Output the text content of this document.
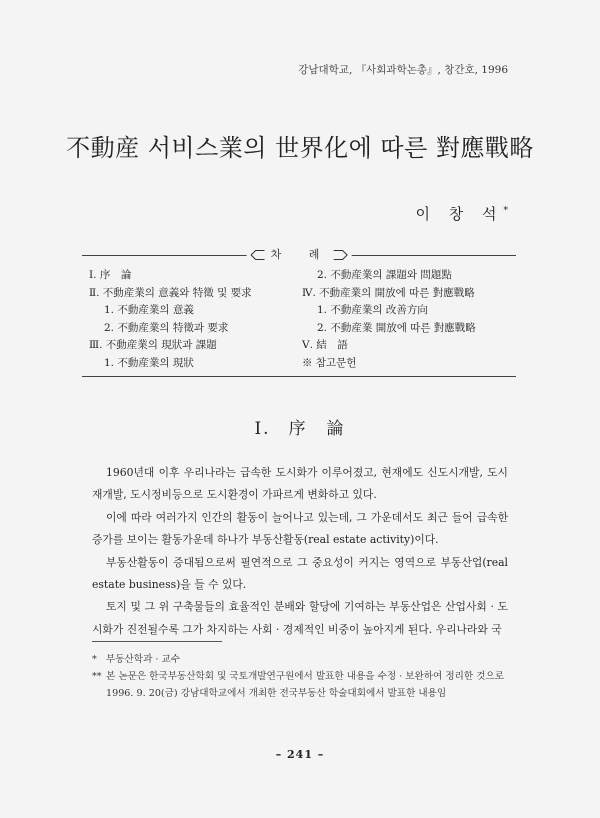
강남대학교, 『사회과학논총』, 창간호, 1996
不動産 서비스業의 世界化에 따른 對應戰略
이 창 석*
차 례
Ⅰ. 序　論
Ⅱ. 不動産業의 意義와 特徵 및 要求
1. 不動産業의 意義
2. 不動産業의 特徵과 要求
Ⅲ. 不動産業의 現狀과 課題
1. 不動産業의 現狀
2. 不動産業의 課題와 問題點
Ⅳ. 不動産業의 開放에 따른 對應戰略
1. 不動産業의 改善方向
2. 不動産業 開放에 따른 對應戰略
Ⅴ. 結　語
※ 참고문헌
Ⅰ. 序　論

1960년대 이후 우리나라는 급속한 도시화가 이루어졌고, 현재에도 신도시개발, 도시재개발, 도시정비등으로 도시환경이 가파르게 변화하고 있다.

이에 따라 여러가지 인간의 활동이 늘어나고 있는데, 그 가운데서도 최근 들어 급속한 증가를 보이는 활동가운데 하나가 부동산활동(real estate activity)이다.

부동산활동이 증대됨으로써 필연적으로 그 중요성이 커지는 영역으로 부동산업(real estate business)을 들 수 있다.

토지 및 그 위 구축물들의 효율적인 분배와 할당에 기여하는 부동산업은 산업사회 · 도시화가 진전될수록 그가 차지하는 사회 · 경제적인 비중이 높아지게 된다. 우리나라와 국

* 부동산학과 · 교수
** 본 논문은 한국부동산학회 및 국토개발연구원에서 발표한 내용을 수정 · 보완하여 정리한 것으로
1996. 9. 20(금) 강남대학교에서 개최한 전국부동산 학술대회에서 발표한 내용임
– 241 –
